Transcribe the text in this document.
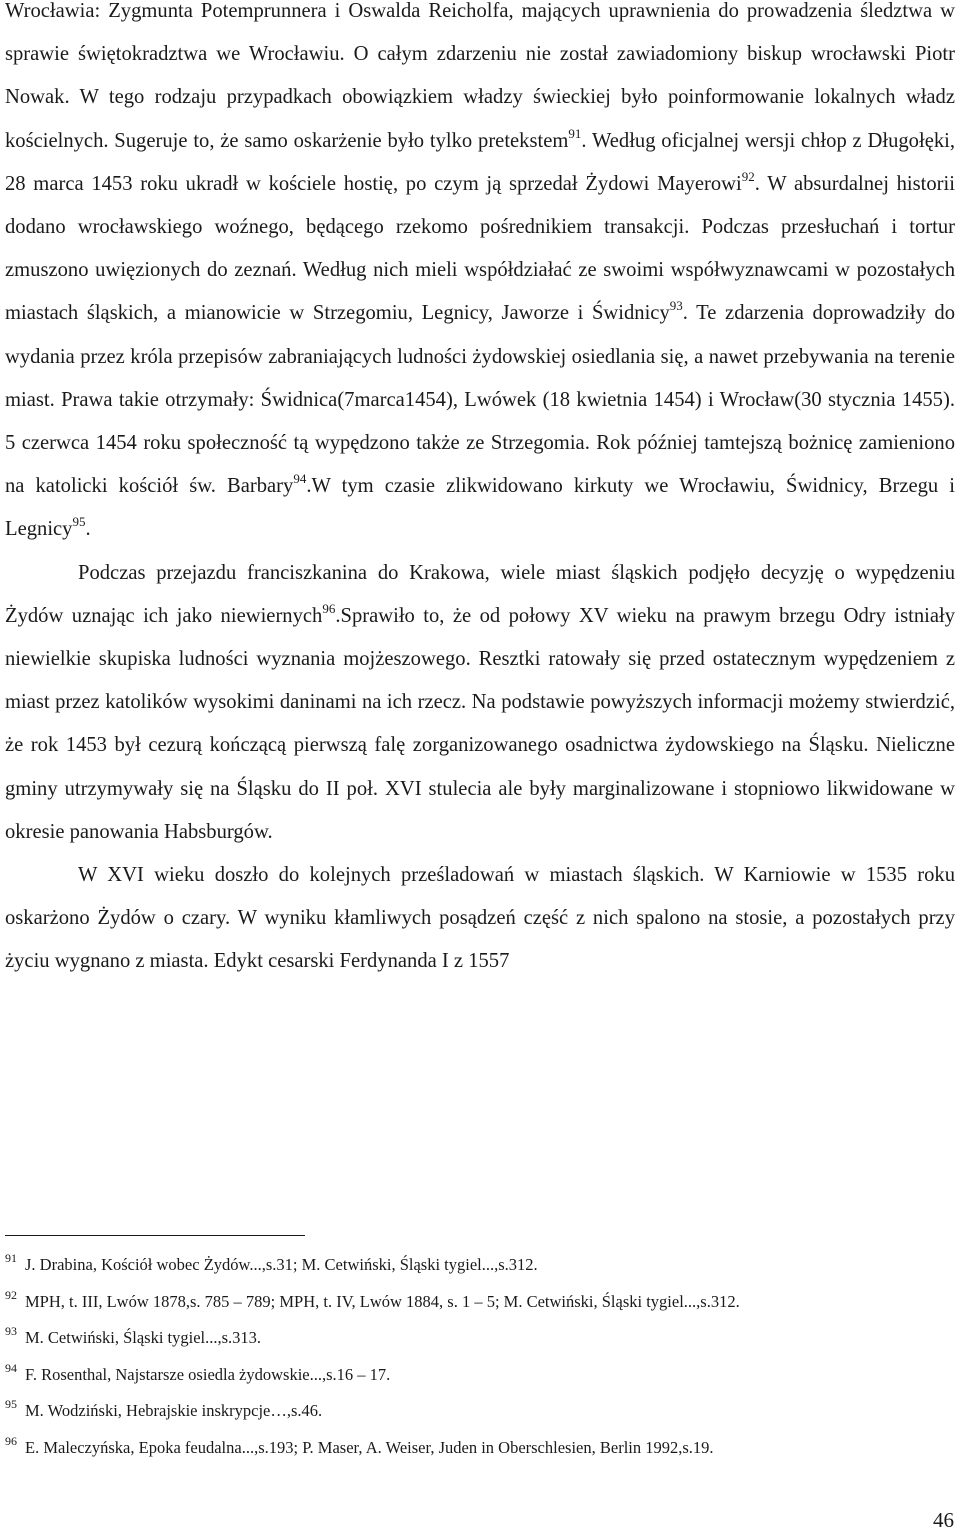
Wrocławia: Zygmunta Potemprunnera i Oswalda Reicholfa, mających uprawnienia do prowadzenia śledztwa w sprawie świętokradztwa we Wrocławiu. O całym zdarzeniu nie został zawiadomiony biskup wrocławski Piotr Nowak. W tego rodzaju przypadkach obowiązkiem władzy świeckiej było poinformowanie lokalnych władz kościelnych. Sugeruje to, że samo oskarżenie było tylko pretekstem$^{91}$. Według oficjalnej wersji chłop z Długołęki, 28 marca 1453 roku ukradł w kościele hostię, po czym ją sprzedał Żydowi Mayerowi$^{92}$. W absurdalnej historii dodano wrocławskiego woźnego, będącego rzekomo pośrednikiem transakcji. Podczas przesłuchań i tortur zmuszono uwięzionych do zeznań. Według nich mieli współdziałać ze swoimi współwyznawcami w pozostałych miastach śląskich, a mianowicie w Strzegomiu, Legnicy, Jaworze i Świdnicy$^{93}$. Te zdarzenia doprowadziły do wydania przez króla przepisów zabraniających ludności żydowskiej osiedlania się, a nawet przebywania na terenie miast. Prawa takie otrzymały: Świdnica(7marca1454), Lwówek (18 kwietnia 1454) i Wrocław(30 stycznia 1455). 5 czerwca 1454 roku społeczność tą wypędzono także ze Strzegomia. Rok później tamtejszą bożnicę zamieniono na katolicki kościół św. Barbary$^{94}$.W tym czasie zlikwidowano kirkuty we Wrocławiu, Świdnicy, Brzegu i Legnicy$^{95}$.

Podczas przejazdu franciszkanina do Krakowa, wiele miast śląskich podjęło decyzję o wypędzeniu Żydów uznając ich jako niewiernych$^{96}$.Sprawiło to, że od połowy XV wieku na prawym brzegu Odry istniały niewielkie skupiska ludności wyznania mojżeszowego. Resztki ratowały się przed ostatecznym wypędzeniem z miast przez katolików wysokimi daninami na ich rzecz. Na podstawie powyższych informacji możemy stwierdzić, że rok 1453 był cezurą kończącą pierwszą falę zorganizowanego osadnictwa żydowskiego na Śląsku. Nieliczne gminy utrzymywały się na Śląsku do II poł. XVI stulecia ale były marginalizowane i stopniowo likwidowane w okresie panowania Habsburgów.

W XVI wieku doszło do kolejnych prześladowań w miastach śląskich. W Karniowie w 1535 roku oskarżono Żydów o czary. W wyniku kłamliwych posądzeń część z nich spalono na stosie, a pozostałych przy życiu wygnano z miasta. Edykt cesarski Ferdynanda I z 1557

$^{91}$ J. Drabina, Kościół wobec Żydów...,s.31; M. Cetwiński, Śląski tygiel...,s.312.
$^{92}$ MPH, t. III, Lwów 1878,s. 785 – 789; MPH, t. IV, Lwów 1884, s. 1 – 5; M. Cetwiński, Śląski tygiel...,s.312.
$^{93}$ M. Cetwiński, Śląski tygiel...,s.313.
$^{94}$ F. Rosenthal, Najstarsze osiedla żydowskie...,s.16 – 17.
$^{95}$ M. Wodziński, Hebrajskie inskrypcje…,s.46.
$^{96}$ E. Maleczyńska, Epoka feudalna...,s.193; P. Maser, A. Weiser, Juden in Oberschlesien, Berlin 1992,s.19.
46
